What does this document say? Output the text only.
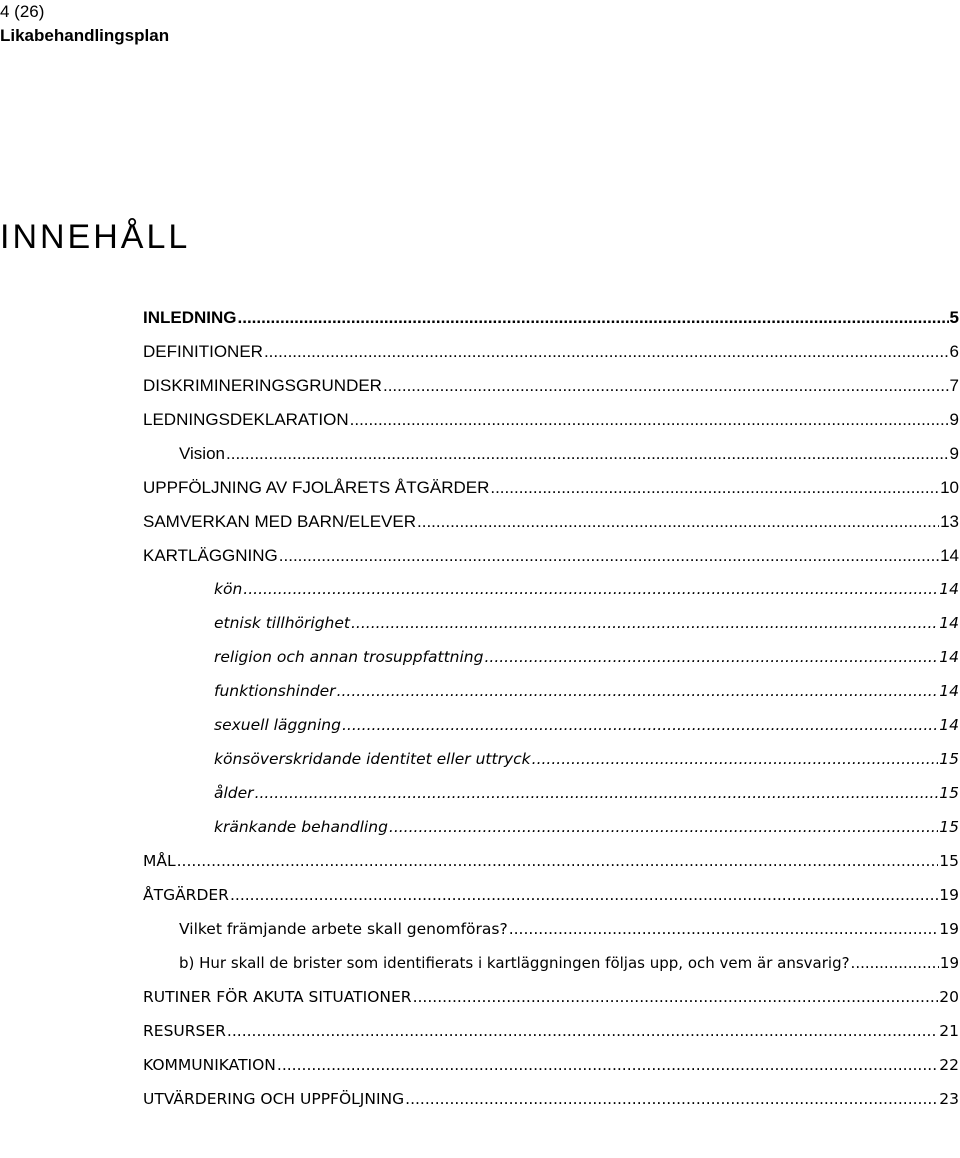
4 (26)
Likabehandlingsplan
INNEHÅLL
INLEDNING .....	5
DEFINITIONER .....	6
DISKRIMINERINGSGRUNDER .....	7
LEDNINGSDEKLARATION .....	9
Vision .....	9
UPPFÖLJNING AV FJOLÅRETS ÅTGÄRDER .....	10
SAMVERKAN MED BARN/ELEVER .....	13
KARTLÄGGNING .....	14
kön .....	14
etnisk tillhörighet .....	14
religion och annan trosuppfattning .....	14
funktionshinder .....	14
sexuell läggning .....	14
könsöverskridande identitet eller uttryck .....	15
ålder .....	15
kränkande behandling .....	15
MÅL .....	15
ÅTGÄRDER .....	19
Vilket främjande arbete skall genomföras? .....	19
b) Hur skall de brister som identifierats i kartläggningen följas upp, och vem är ansvarig? .....	19
RUTINER FÖR AKUTA SITUATIONER .....	20
RESURSER .....	21
KOMMUNIKATION .....	22
UTVÄRDERING OCH UPPFÖLJNING .....	23
